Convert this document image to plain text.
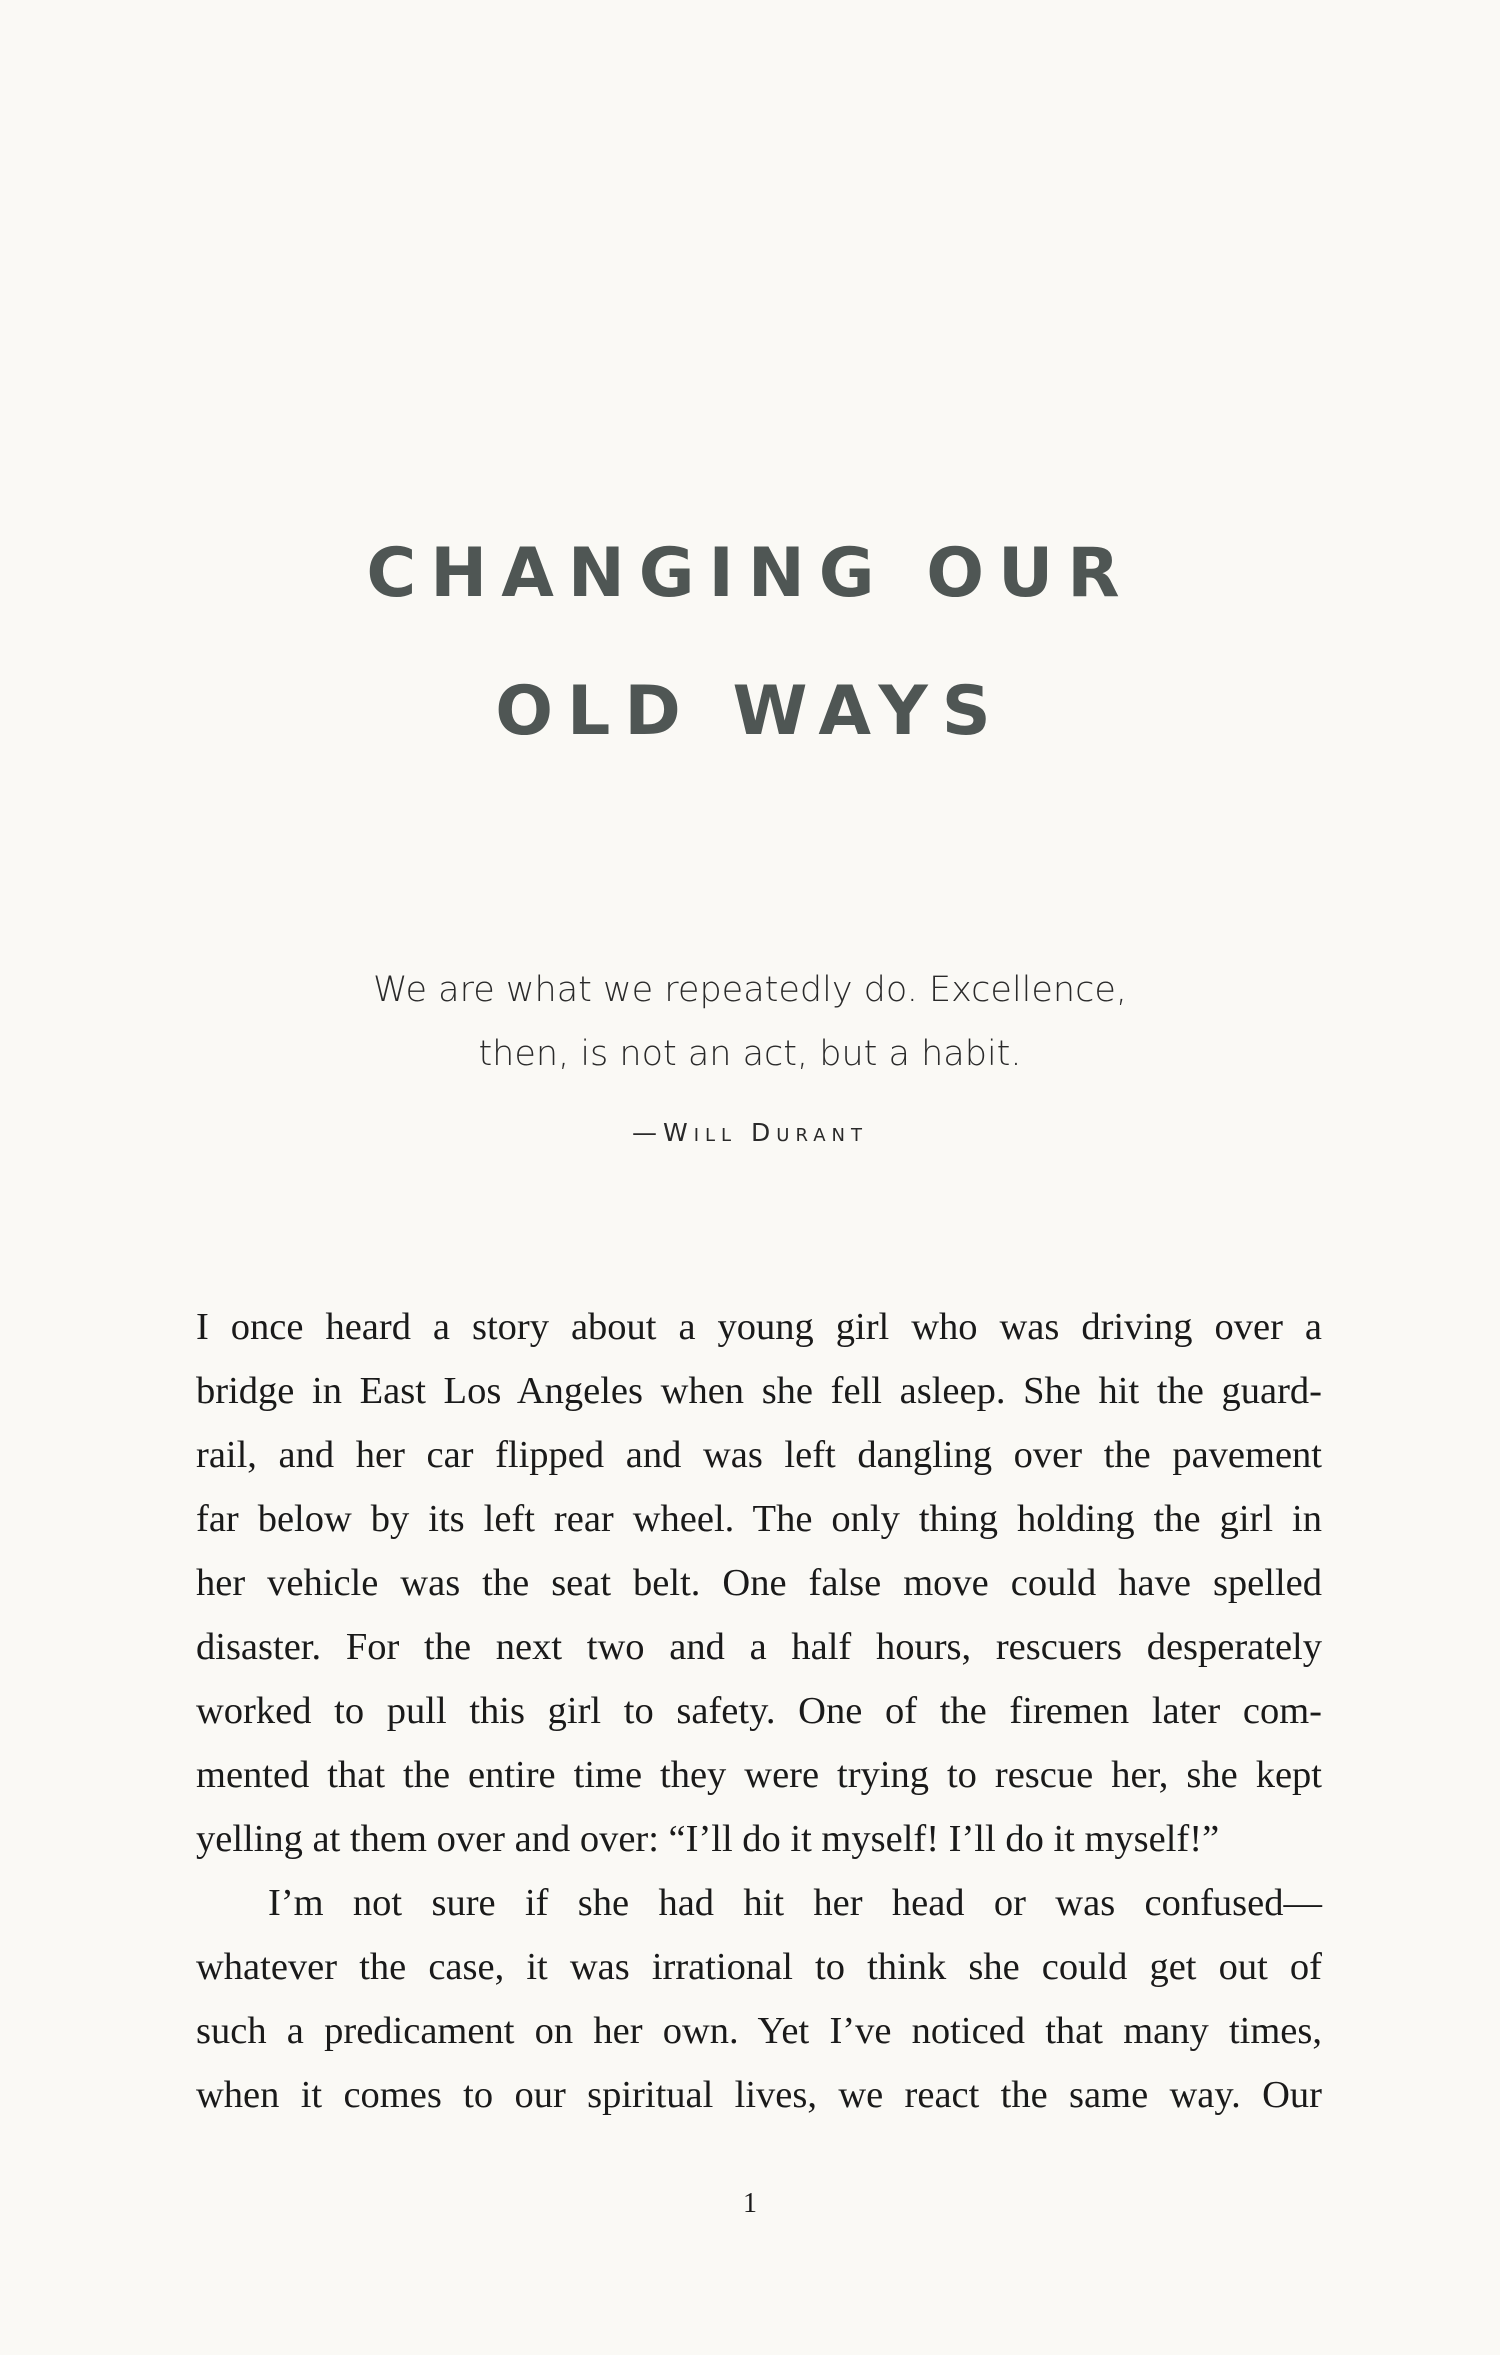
CHANGING OUR
OLD WAYS
We are what we repeatedly do. Excellence,
then, is not an act, but a habit.
—Will Durant
I once heard a story about a young girl who was driving over a
bridge in East Los Angeles when she fell asleep. She hit the guard-
rail, and her car flipped and was left dangling over the pavement
far below by its left rear wheel. The only thing holding the girl in
her vehicle was the seat belt. One false move could have spelled
disaster. For the next two and a half hours, rescuers desperately
worked to pull this girl to safety. One of the firemen later com-
mented that the entire time they were trying to rescue her, she kept
yelling at them over and over: “I’ll do it myself! I’ll do it myself!”
I’m not sure if she had hit her head or was confused—
whatever the case, it was irrational to think she could get out of
such a predicament on her own. Yet I’ve noticed that many times,
when it comes to our spiritual lives, we react the same way. Our
1
